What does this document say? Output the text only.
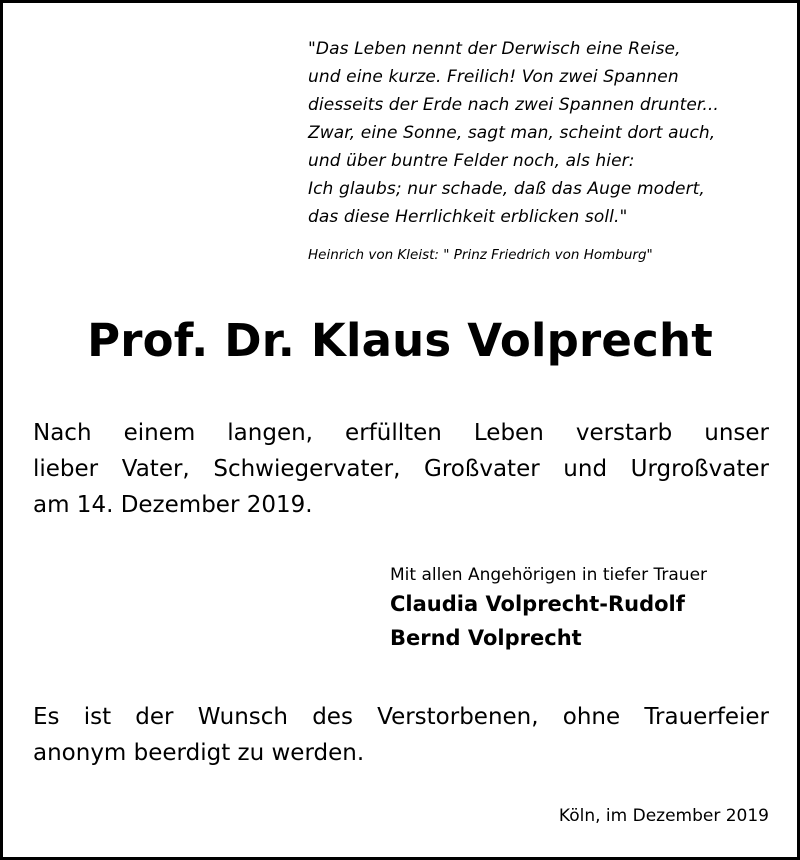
"Das Leben nennt der Derwisch eine Reise,
und eine kurze. Freilich! Von zwei Spannen
diesseits der Erde nach zwei Spannen drunter...
Zwar, eine Sonne, sagt man, scheint dort auch,
und über buntre Felder noch, als hier:
Ich glaubs; nur schade, daß das Auge modert,
das diese Herrlichkeit erblicken soll."
Heinrich von Kleist: " Prinz Friedrich von Homburg"
Prof. Dr. Klaus Volprecht
Nach einem langen, erfüllten Leben verstarb unser
lieber Vater, Schwiegervater, Großvater und Urgroßvater
am 14. Dezember 2019.
Mit allen Angehörigen in tiefer Trauer
Claudia Volprecht-Rudolf
Bernd Volprecht
Es ist der Wunsch des Verstorbenen, ohne Trauerfeier
anonym beerdigt zu werden.
Köln, im Dezember 2019
